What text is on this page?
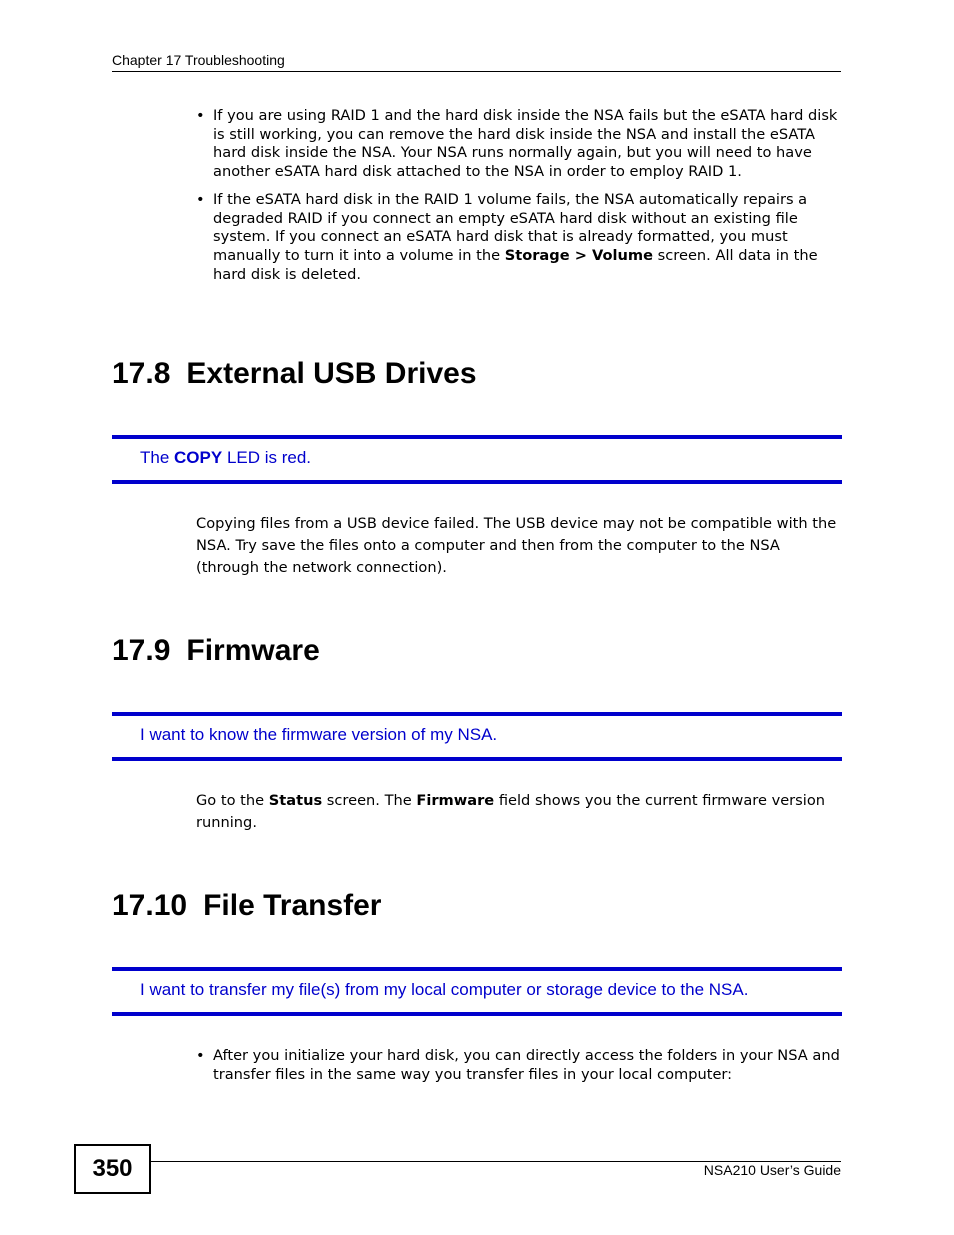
Chapter 17 Troubleshooting
• If you are using RAID 1 and the hard disk inside the NSA fails but the eSATA hard disk is still working, you can remove the hard disk inside the NSA and install the eSATA hard disk inside the NSA. Your NSA runs normally again, but you will need to have another eSATA hard disk attached to the NSA in order to employ RAID 1.
• If the eSATA hard disk in the RAID 1 volume fails, the NSA automatically repairs a degraded RAID if you connect an empty eSATA hard disk without an existing file system. If you connect an eSATA hard disk that is already formatted, you must manually to turn it into a volume in the Storage > Volume screen. All data in the hard disk is deleted.
17.8 External USB Drives
The COPY LED is red.
Copying files from a USB device failed. The USB device may not be compatible with the NSA. Try save the files onto a computer and then from the computer to the NSA (through the network connection).
17.9 Firmware
I want to know the firmware version of my NSA.
Go to the Status screen. The Firmware field shows you the current firmware version running.
17.10 File Transfer
I want to transfer my file(s) from my local computer or storage device to the NSA.
• After you initialize your hard disk, you can directly access the folders in your NSA and transfer files in the same way you transfer files in your local computer:
350	NSA210 User’s Guide
